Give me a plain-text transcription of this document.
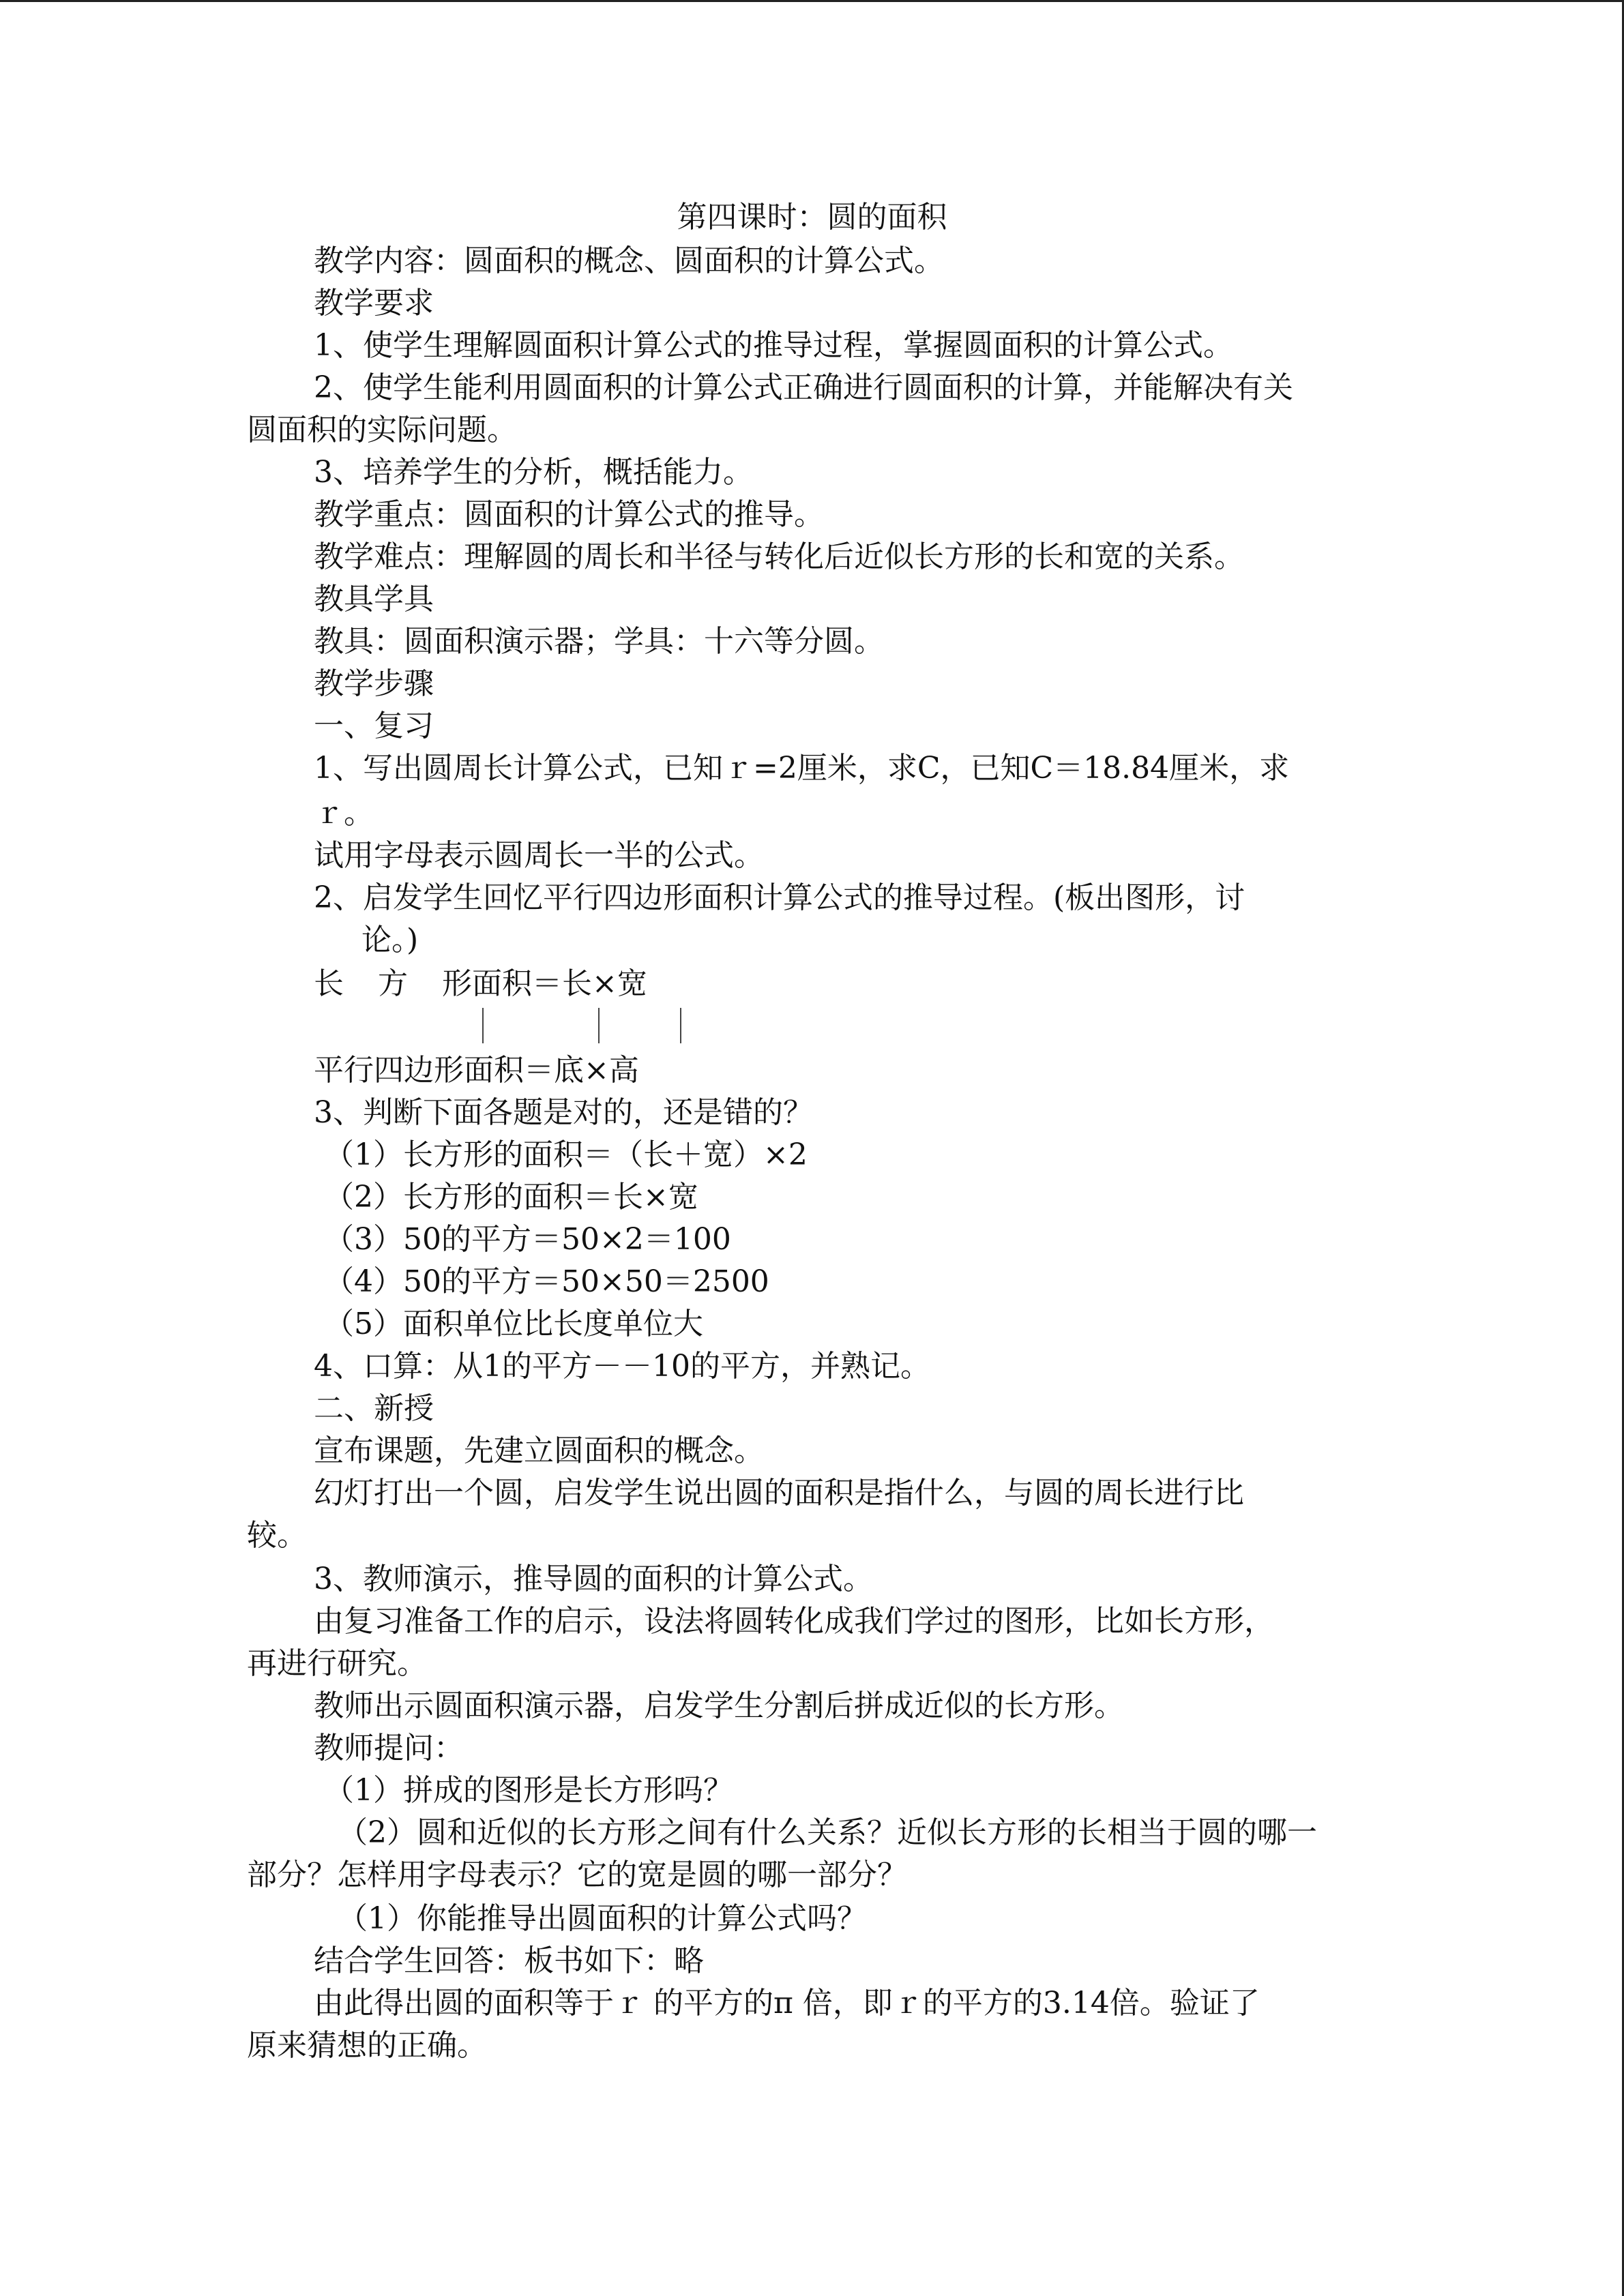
第四课时：圆的面积
教学内容：圆面积的概念、圆面积的计算公式。
教学要求
1、使学生理解圆面积计算公式的推导过程，掌握圆面积的计算公式。
2、使学生能利用圆面积的计算公式正确进行圆面积的计算，并能解决有关
圆面积的实际问题。
3、培养学生的分析，概括能力。
教学重点：圆面积的计算公式的推导。
教学难点：理解圆的周长和半径与转化后近似长方形的长和宽的关系。
教具学具
教具：圆面积演示器；学具：十六等分圆。
教学步骤
一、复习
1、写出圆周长计算公式，已知ｒ=2厘米，求C，已知C＝18.84厘米，求
ｒ。
试用字母表示圆周长一半的公式。
2、启发学生回忆平行四边形面积计算公式的推导过程。(板出图形，讨
论。)
长 方 形面积＝长×宽
平行四边形面积＝底×高
3、判断下面各题是对的，还是错的？
（1）长方形的面积＝（长＋宽）×2
（2）长方形的面积＝长×宽
（3）50的平方＝50×2＝100
（4）50的平方＝50×50＝2500
（5）面积单位比长度单位大
4、口算：从1的平方－－10的平方，并熟记。
二、新授
宣布课题，先建立圆面积的概念。
幻灯打出一个圆，启发学生说出圆的面积是指什么，与圆的周长进行比
较。
3、教师演示，推导圆的面积的计算公式。
由复习准备工作的启示，设法将圆转化成我们学过的图形，比如长方形，
再进行研究。
教师出示圆面积演示器，启发学生分割后拼成近似的长方形。
教师提问：
（1）拼成的图形是长方形吗？
（2）圆和近似的长方形之间有什么关系？近似长方形的长相当于圆的哪一
部分？怎样用字母表示？它的宽是圆的哪一部分？
（1）你能推导出圆面积的计算公式吗？
结合学生回答：板书如下：略
由此得出圆的面积等于ｒ 的平方的π 倍，即ｒ的平方的3.14倍。验证了
原来猜想的正确。
